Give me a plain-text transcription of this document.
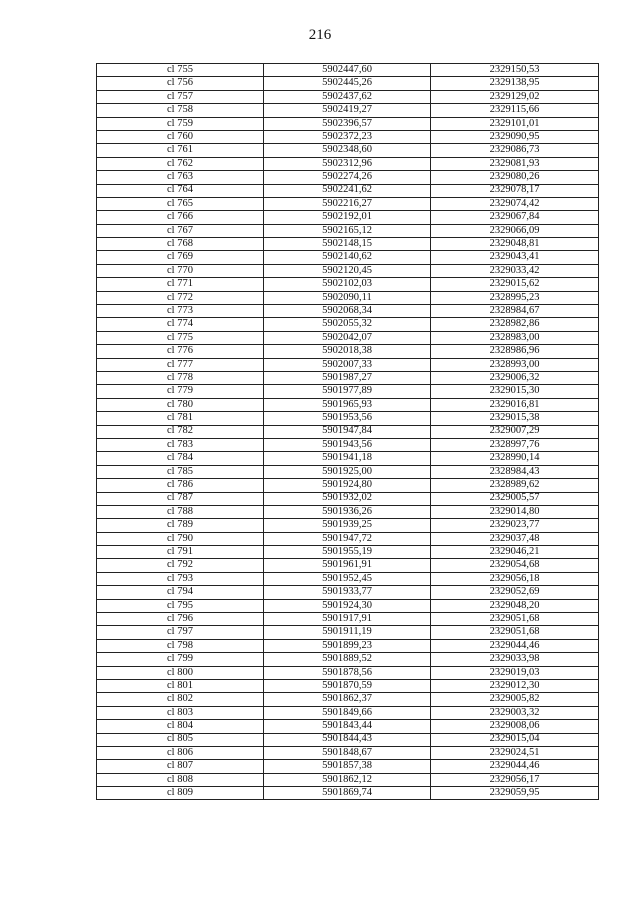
216
сl 755	5902447,60	2329150,53
сl 756	5902445,26	2329138,95
сl 757	5902437,62	2329129,02
сl 758	5902419,27	2329115,66
сl 759	5902396,57	2329101,01
сl 760	5902372,23	2329090,95
сl 761	5902348,60	2329086,73
сl 762	5902312,96	2329081,93
сl 763	5902274,26	2329080,26
сl 764	5902241,62	2329078,17
сl 765	5902216,27	2329074,42
сl 766	5902192,01	2329067,84
сl 767	5902165,12	2329066,09
сl 768	5902148,15	2329048,81
сl 769	5902140,62	2329043,41
сl 770	5902120,45	2329033,42
сl 771	5902102,03	2329015,62
сl 772	5902090,11	2328995,23
сl 773	5902068,34	2328984,67
сl 774	5902055,32	2328982,86
сl 775	5902042,07	2328983,00
сl 776	5902018,38	2328986,96
сl 777	5902007,33	2328993,00
сl 778	5901987,27	2329006,32
сl 779	5901977,89	2329015,30
сl 780	5901965,93	2329016,81
сl 781	5901953,56	2329015,38
сl 782	5901947,84	2329007,29
сl 783	5901943,56	2328997,76
сl 784	5901941,18	2328990,14
сl 785	5901925,00	2328984,43
сl 786	5901924,80	2328989,62
сl 787	5901932,02	2329005,57
сl 788	5901936,26	2329014,80
сl 789	5901939,25	2329023,77
сl 790	5901947,72	2329037,48
сl 791	5901955,19	2329046,21
сl 792	5901961,91	2329054,68
сl 793	5901952,45	2329056,18
сl 794	5901933,77	2329052,69
сl 795	5901924,30	2329048,20
сl 796	5901917,91	2329051,68
сl 797	5901911,19	2329051,68
сl 798	5901899,23	2329044,46
сl 799	5901889,52	2329033,98
сl 800	5901878,56	2329019,03
сl 801	5901870,59	2329012,30
сl 802	5901862,37	2329005,82
сl 803	5901849,66	2329003,32
сl 804	5901843,44	2329008,06
сl 805	5901844,43	2329015,04
сl 806	5901848,67	2329024,51
сl 807	5901857,38	2329044,46
сl 808	5901862,12	2329056,17
сl 809	5901869,74	2329059,95
